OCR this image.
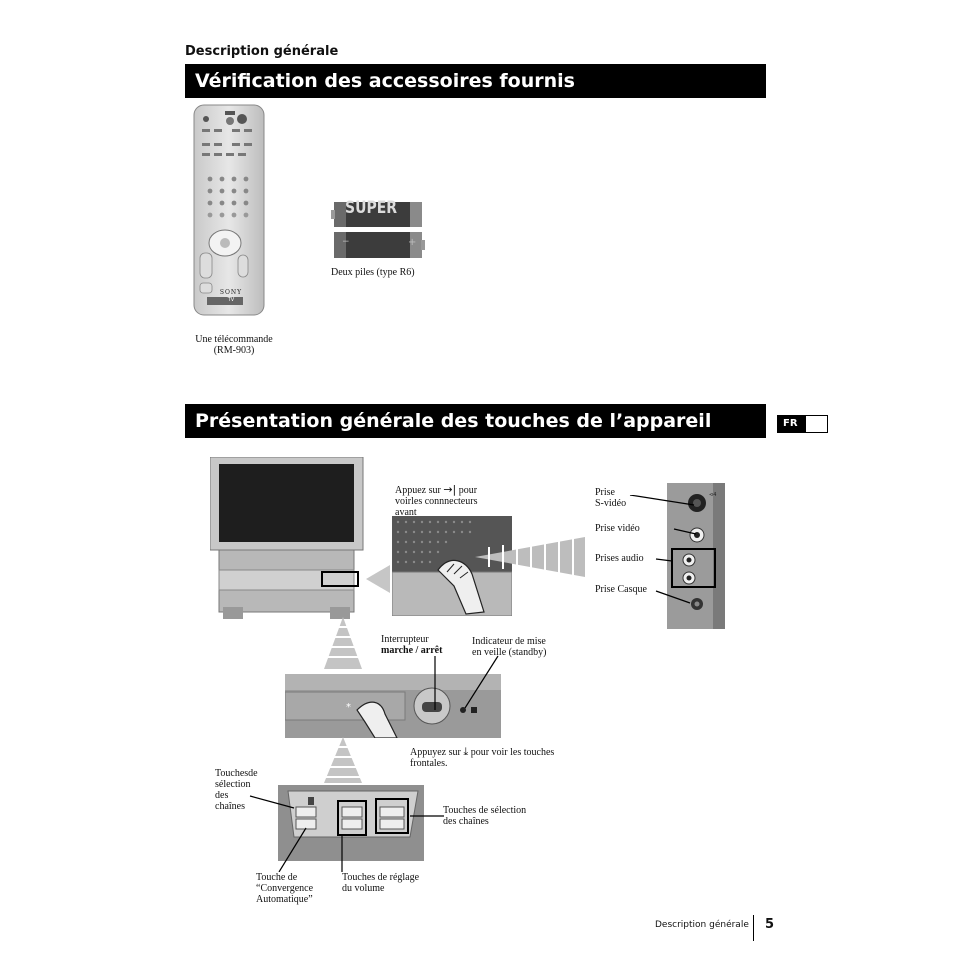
Description générale
Vérification des accessoires fournis
SONY
TV
Une télécommande
(RM-903)
−	+
SUPER
Deux piles (type R6)
Présentation générale des touches de l’appareil	FR
Appuez sur →| pour
voirles connnecteurs
avant
⊲4
Prise
S-vidéo
Prise vidéo
Prises audio
Prise Casque
*
Interrupteur
marche / arrêt
Indicateur de mise
en veille (standby)
Appuyez sur ⤓ pour voir les touches
frontales.
Touchesde
sélection
des
chaînes	Touches de sélection
des chaînes
Touche de
“Convergence
Automatique”
Touches de réglage
du volume
Description générale 5
